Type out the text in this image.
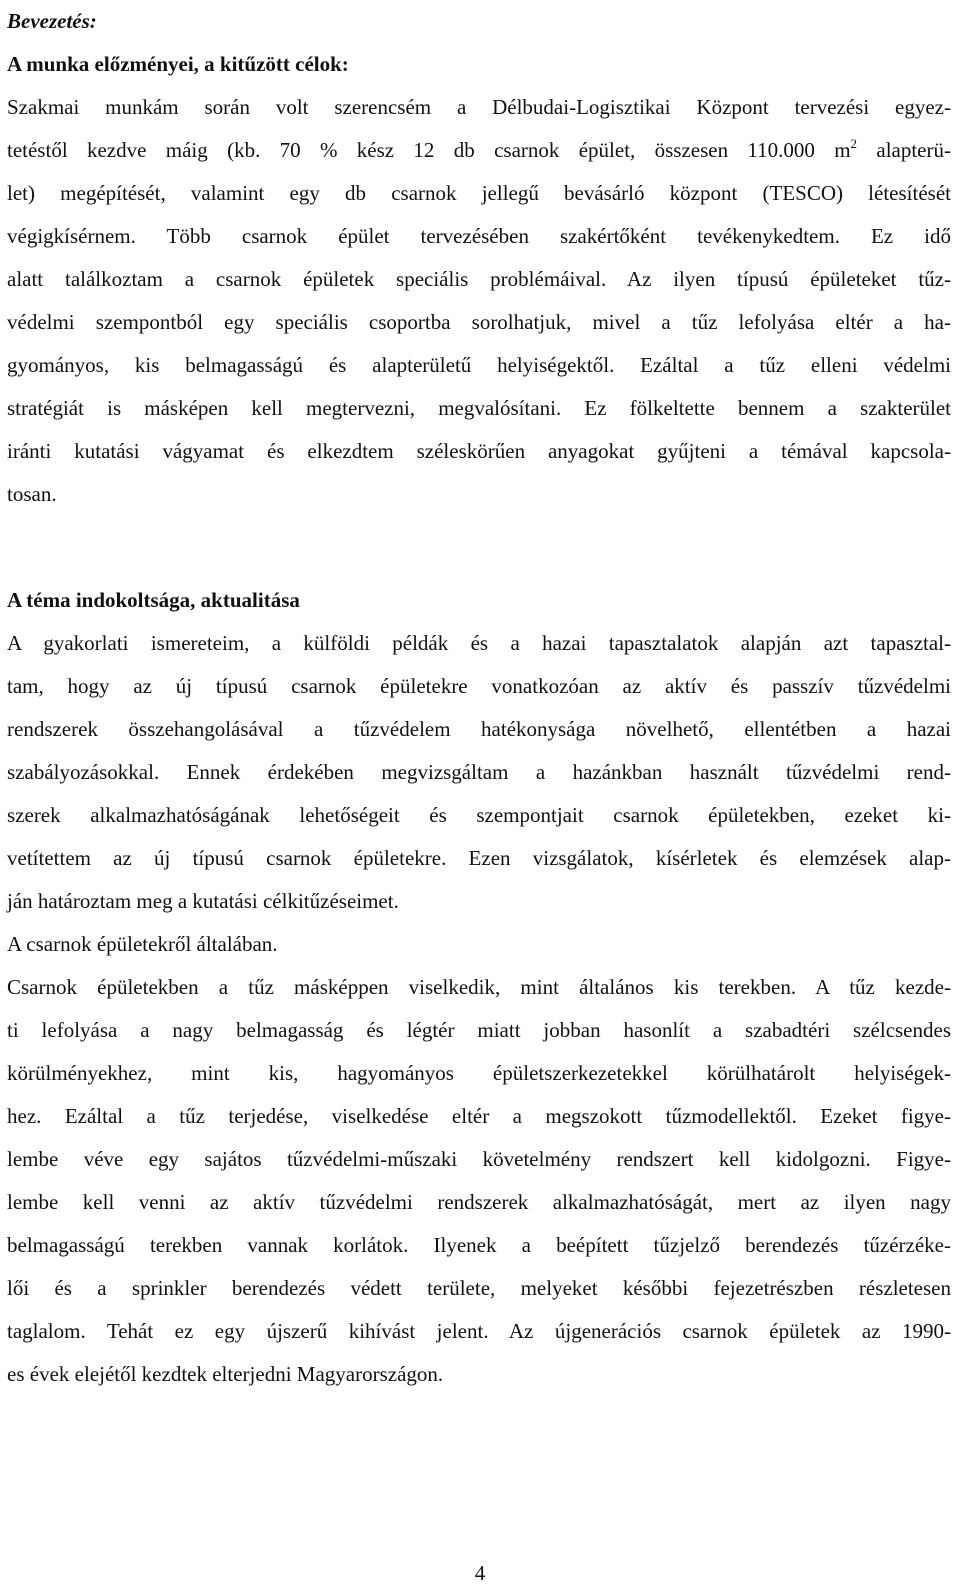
Bevezetés:
A munka előzményei, a kitűzött célok:
Szakmai munkám során volt szerencsém a Délbudai-Logisztikai Központ tervezési egyez-
tetéstől kezdve máig (kb. 70 % kész 12 db csarnok épület, összesen 110.000 $m^2$ alapterü-
let) megépítését, valamint egy db csarnok jellegű bevásárló központ (TESCO) létesítését
végigkísérnem. Több csarnok épület tervezésében szakértőként tevékenykedtem. Ez idő
alatt találkoztam a csarnok épületek speciális problémáival. Az ilyen típusú épületeket tűz-
védelmi szempontból egy speciális csoportba sorolhatjuk, mivel a tűz lefolyása eltér a ha-
gyományos, kis belmagasságú és alapterületű helyiségektől. Ezáltal a tűz elleni védelmi
stratégiát is másképen kell megtervezni, megvalósítani. Ez fölkeltette bennem a szakterület
iránti kutatási vágyamat és elkezdtem széleskörűen anyagokat gyűjteni a témával kapcsola-
tosan.
A téma indokoltsága, aktualitása
A gyakorlati ismereteim, a külföldi példák és a hazai tapasztalatok alapján azt tapasztal-
tam, hogy az új típusú csarnok épületekre vonatkozóan az aktív és passzív tűzvédelmi
rendszerek összehangolásával a tűzvédelem hatékonysága növelhető, ellentétben a hazai
szabályozásokkal. Ennek érdekében megvizsgáltam a hazánkban használt tűzvédelmi rend-
szerek alkalmazhatóságának lehetőségeit és szempontjait csarnok épületekben, ezeket ki-
vetítettem az új típusú csarnok épületekre. Ezen vizsgálatok, kísérletek és elemzések alap-
ján határoztam meg a kutatási célkitűzéseimet.
A csarnok épületekről általában.
Csarnok épületekben a tűz másképpen viselkedik, mint általános kis terekben. A tűz kezde-
ti lefolyása a nagy belmagasság és légtér miatt jobban hasonlít a szabadtéri szélcsendes
körülményekhez, mint kis, hagyományos épületszerkezetekkel körülhatárolt helyiségek-
hez. Ezáltal a tűz terjedése, viselkedése eltér a megszokott tűzmodellektől. Ezeket figye-
lembe véve egy sajátos tűzvédelmi-műszaki követelmény rendszert kell kidolgozni. Figye-
lembe kell venni az aktív tűzvédelmi rendszerek alkalmazhatóságát, mert az ilyen nagy
belmagasságú terekben vannak korlátok. Ilyenek a beépített tűzjelző berendezés tűzérzéke-
lői és a sprinkler berendezés védett területe, melyeket későbbi fejezetrészben részletesen
taglalom. Tehát ez egy újszerű kihívást jelent. Az újgenerációs csarnok épületek az 1990-
es évek elejétől kezdtek elterjedni Magyarországon.
4
